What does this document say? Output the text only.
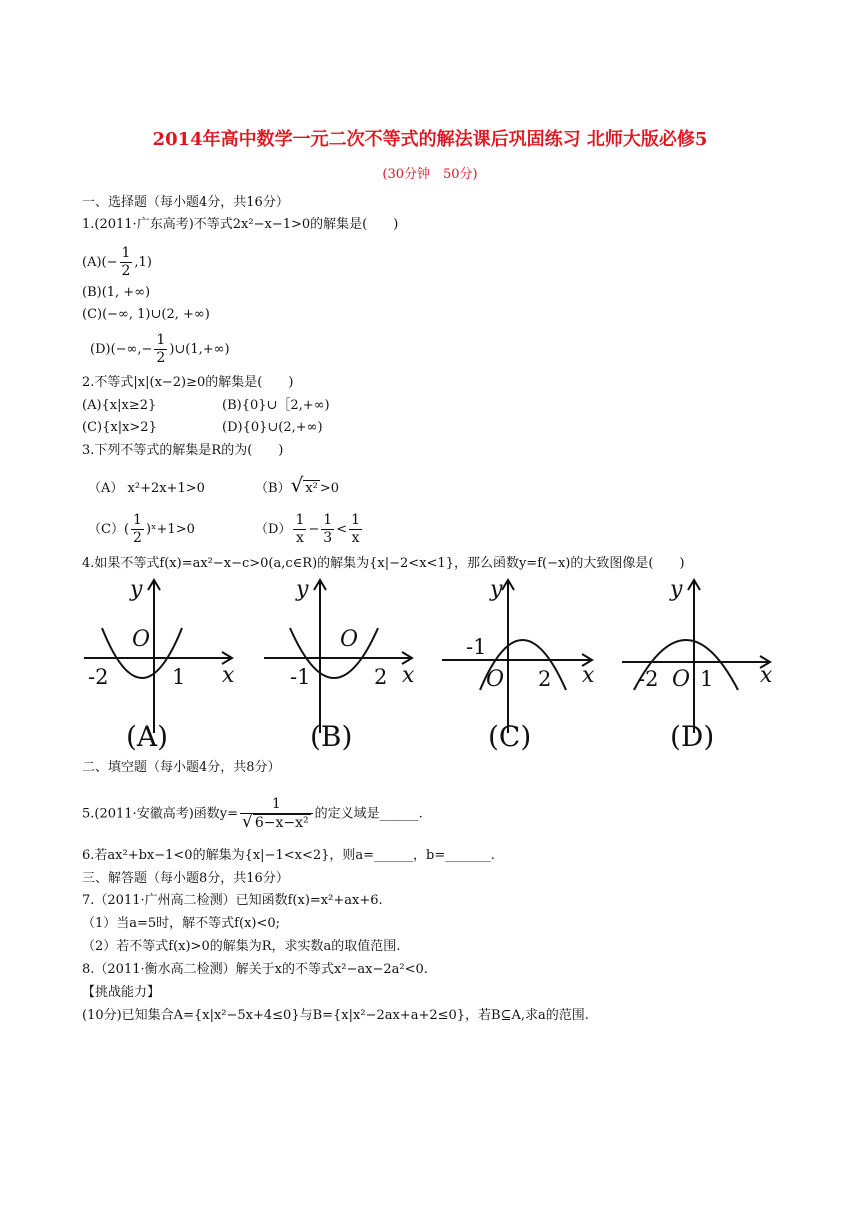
2014年高中数学一元二次不等式的解法课后巩固练习 北师大版必修5
(30分钟　50分)
一、选择题（每小题4分，共16分）
1.(2011·广东高考)不等式2x²−x−1>0的解集是(　　)
$(A)(- \frac{1}{2} ,1)$
(B)(1, +∞)
(C)(−∞, 1)∪(2, +∞)
$(D)(-\infty,- \frac{1}{2}$ )∪(1,+∞)
2.不等式|x|(x−2)≥0的解集是(　　)
(A){x|x≥2}	(B){0}∪［2,+∞)
(C){x|x>2}	(D){0}∪(2,+∞)
3.下列不等式的解集是R的为(　　)
（A） x²+2x+1>0	（B）√ x² >0
$(C)( \frac{1}{2}$ )ˣ+1>0	$(D) \frac{1}{x} - \frac{1}{3} < \frac{1}{x}$
4.如果不等式f(x)=ax²−x−c>0(a,c∈R)的解集为{x|−2<x<1}，那么函数y=f(−x)的大致图像是(　　)
y
x
O
-2	1
(A)
y
x
O
-1	2
(B)
y
x
O
-1
2
(C)
y
x
O
-2 1
(D)
二、填空题（每小题4分，共8分）
5.(2011·安徽高考)函数$y= \frac{1}{\text{√ 6−x−x²}}$ 的定义域是______.
6.若ax²+bx−1<0的解集为{x|−1<x<2}，则a=______，b=_______.
三、解答题（每小题8分，共16分）
7.（2011·广州高二检测）已知函数f(x)=x²+ax+6.
（1）当a=5时，解不等式f(x)<0;
（2）若不等式f(x)>0的解集为R，求实数a的取值范围.
8.（2011·衡水高二检测）解关于x的不等式x²−ax−2a²<0.
【挑战能力】
(10分)已知集合A={x|x²−5x+4≤0}与B={x|x²−2ax+a+2≤0}，若B⊆A,求a的范围.
